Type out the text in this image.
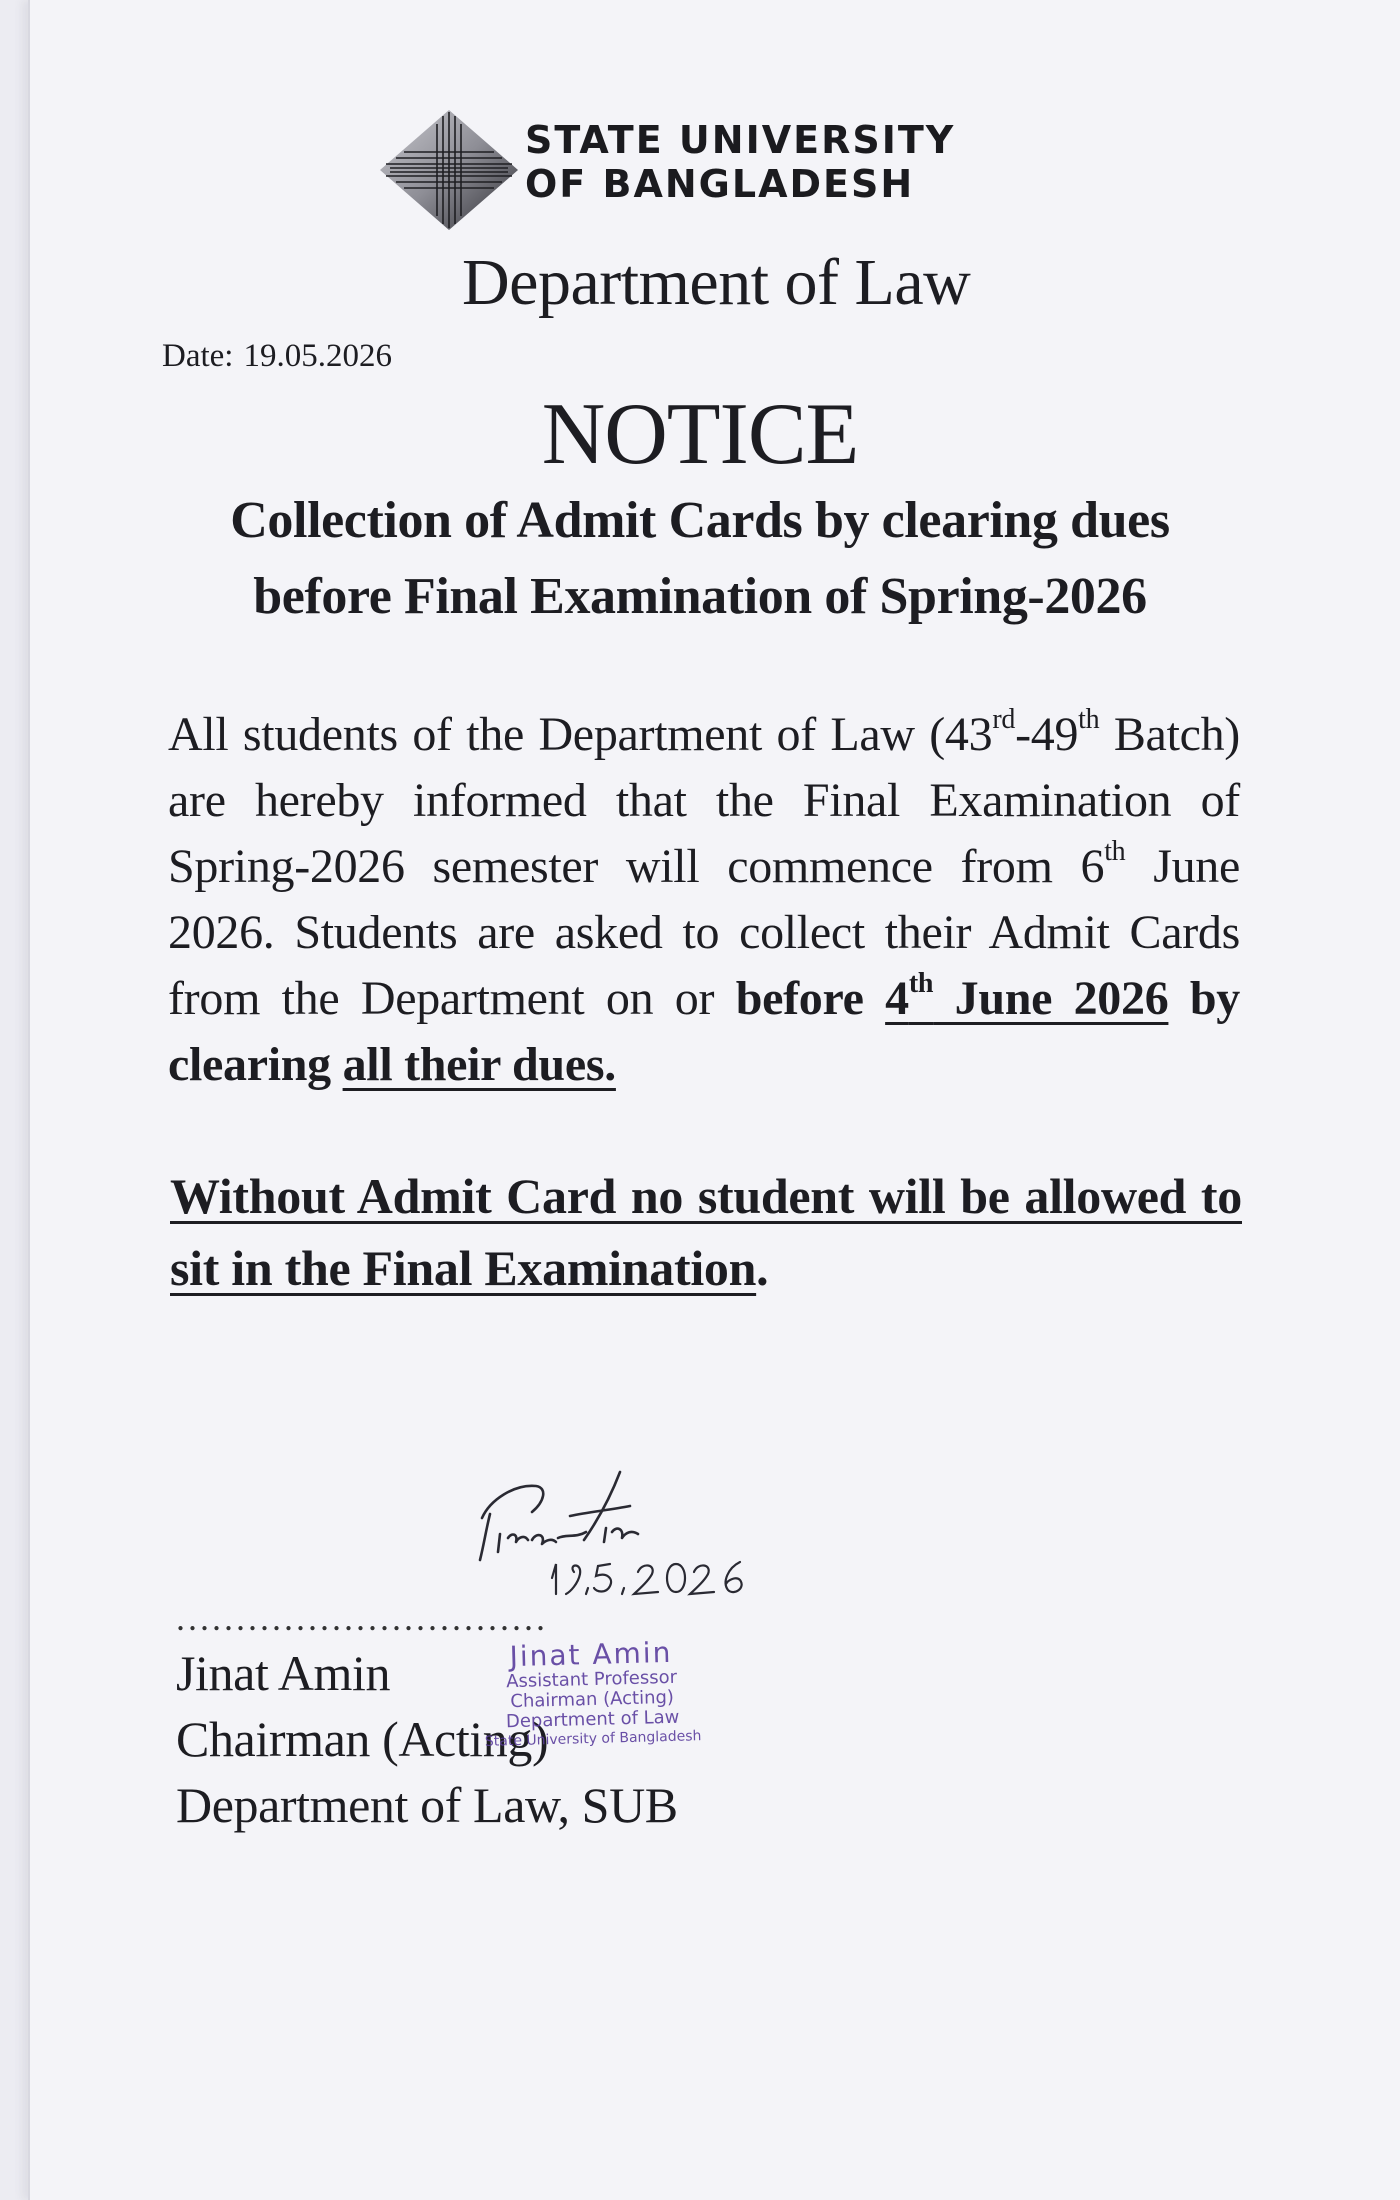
STATE UNIVERSITY
OF BANGLADESH
Department of Law
Date: 19.05.2026
NOTICE
Collection of Admit Cards by clearing dues
before Final Examination of Spring-2026
All students of the Department of Law (43rd-49th Batch) are hereby informed that the Final Examination of Spring-2026 semester will commence from 6th June 2026. Students are asked to collect their Admit Cards from the Department on or before 4th June 2026 by clearing all their dues.
Without Admit Card no student will be allowed to sit in the Final Examination.
...............................
Jinat Amin
Chairman (Acting)
Department of Law, SUB
Jinat Amin
Assistant Professor
Chairman (Acting)
Department of Law
State University of Bangladesh
